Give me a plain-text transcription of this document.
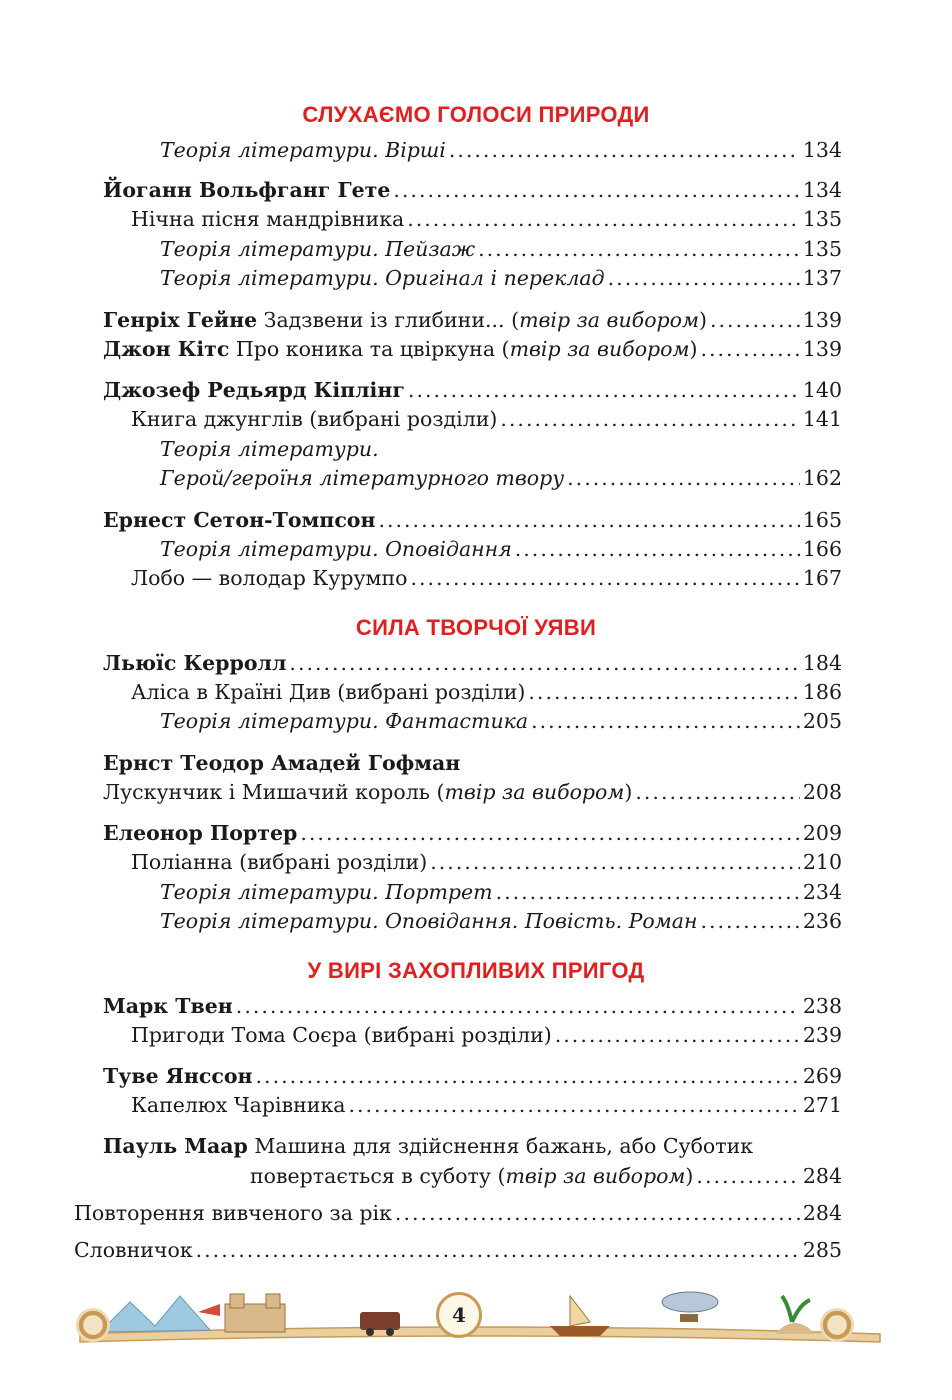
СЛУХАЄМО ГОЛОСИ ПРИРОДИ
Теорія літератури. Вірші .....	134
Йоганн Вольфганг Гете .....	134
Нічна пісня мандрівника .....	135
Теорія літератури. Пейзаж .....	135
Теорія літератури. Оригінал і переклад .....	137
Генріх Гейне Задзвени із глибини... (твір за вибором) .....	139
Джон Кітс Про коника та цвіркуна (твір за вибором) .....	139
Джозеф Редьярд Кіплінг .....	140
Книга джунглів (вибрані розділи) .....	141
Теорія літератури.
Герой/героїня літературного твору .....	162
Ернест Сетон-Томпсон .....	165
Теорія літератури. Оповідання .....	166
Лобо — володар Курумпо .....	167
СИЛА ТВОРЧОЇ УЯВИ
Льюїс Керролл .....	184
Аліса в Країні Див (вибрані розділи) .....	186
Теорія літератури. Фантастика .....	205
Ернст Теодор Амадей Гофман
Лускунчик і Мишачий король (твір за вибором) .....	208
Елеонор Портер .....	209
Поліанна (вибрані розділи) .....	210
Теорія літератури. Портрет .....	234
Теорія літератури. Оповідання. Повість. Роман .....	236
У ВИРІ ЗАХОПЛИВИХ ПРИГОД
Марк Твен .....	238
Пригоди Тома Соєра (вибрані розділи) .....	239
Туве Янссон .....	269
Капелюх Чарівника .....	271
Пауль Маар Машина для здійснення бажань, або Суботик
повертається в суботу (твір за вибором) .....	284
Повторення вивченого за рік .....	284
Словничок .....	285
4
